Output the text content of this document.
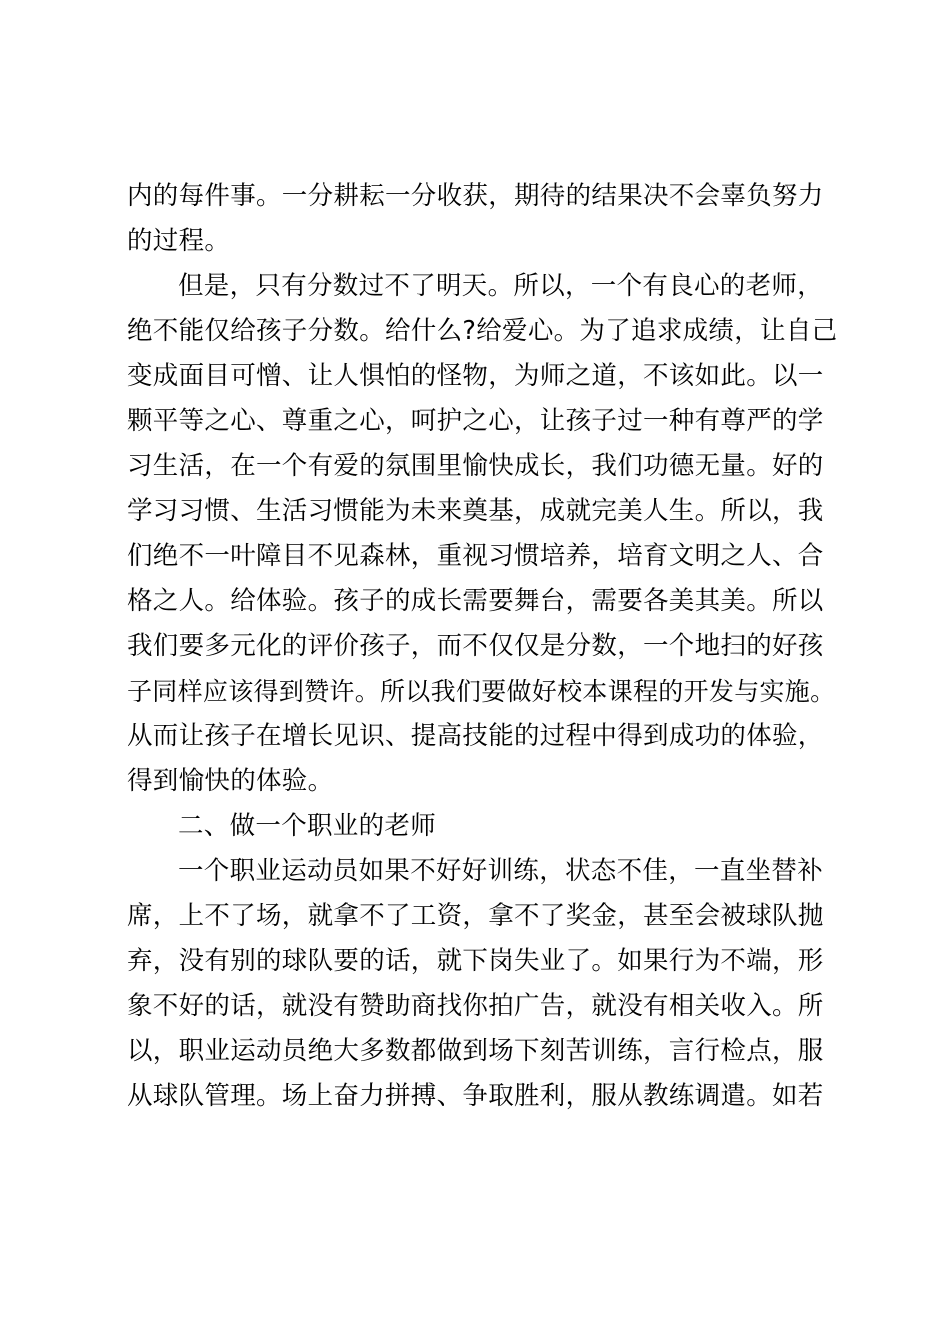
内的每件事。一分耕耘一分收获，期待的结果决不会辜负努力
的过程。
但是，只有分数过不了明天。所以，一个有良心的老师，
绝不能仅给孩子分数。给什么?给爱心。为了追求成绩，让自己
变成面目可憎、让人惧怕的怪物，为师之道，不该如此。以一
颗平等之心、尊重之心，呵护之心，让孩子过一种有尊严的学
习生活，在一个有爱的氛围里愉快成长，我们功德无量。好的
学习习惯、生活习惯能为未来奠基，成就完美人生。所以，我
们绝不一叶障目不见森林，重视习惯培养，培育文明之人、合
格之人。给体验。孩子的成长需要舞台，需要各美其美。所以
我们要多元化的评价孩子，而不仅仅是分数，一个地扫的好孩
子同样应该得到赞许。所以我们要做好校本课程的开发与实施。
从而让孩子在增长见识、提高技能的过程中得到成功的体验，
得到愉快的体验。
二、做一个职业的老师
一个职业运动员如果不好好训练，状态不佳，一直坐替补
席，上不了场，就拿不了工资，拿不了奖金，甚至会被球队抛
弃，没有别的球队要的话，就下岗失业了。如果行为不端，形
象不好的话，就没有赞助商找你拍广告，就没有相关收入。所
以，职业运动员绝大多数都做到场下刻苦训练，言行检点，服
从球队管理。场上奋力拼搏、争取胜利，服从教练调遣。如若
